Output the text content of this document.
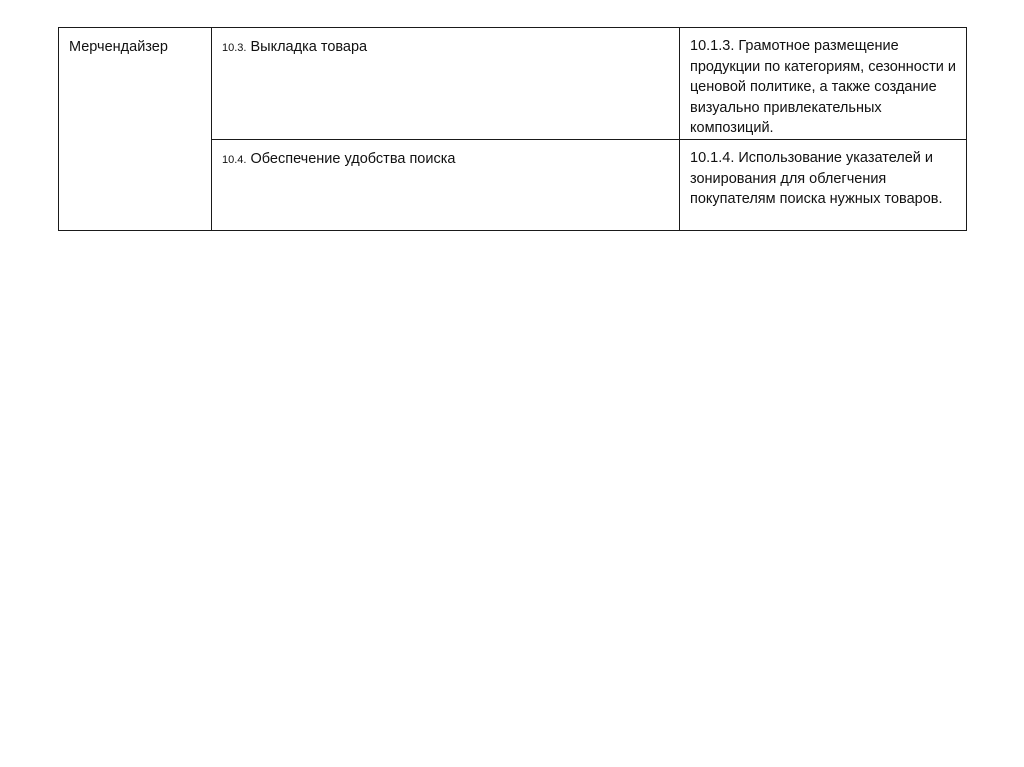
Мерчендайзер	10.3. Выкладка товара	10.1.3. Грамотное размещение продукции по категориям, сезонности и ценовой политике, а также создание визуально привлекательных композиций.

	10.4. Обеспечение удобства поиска	10.1.4. Использование указателей и зонирования для облегчения покупателям поиска нужных товаров.
